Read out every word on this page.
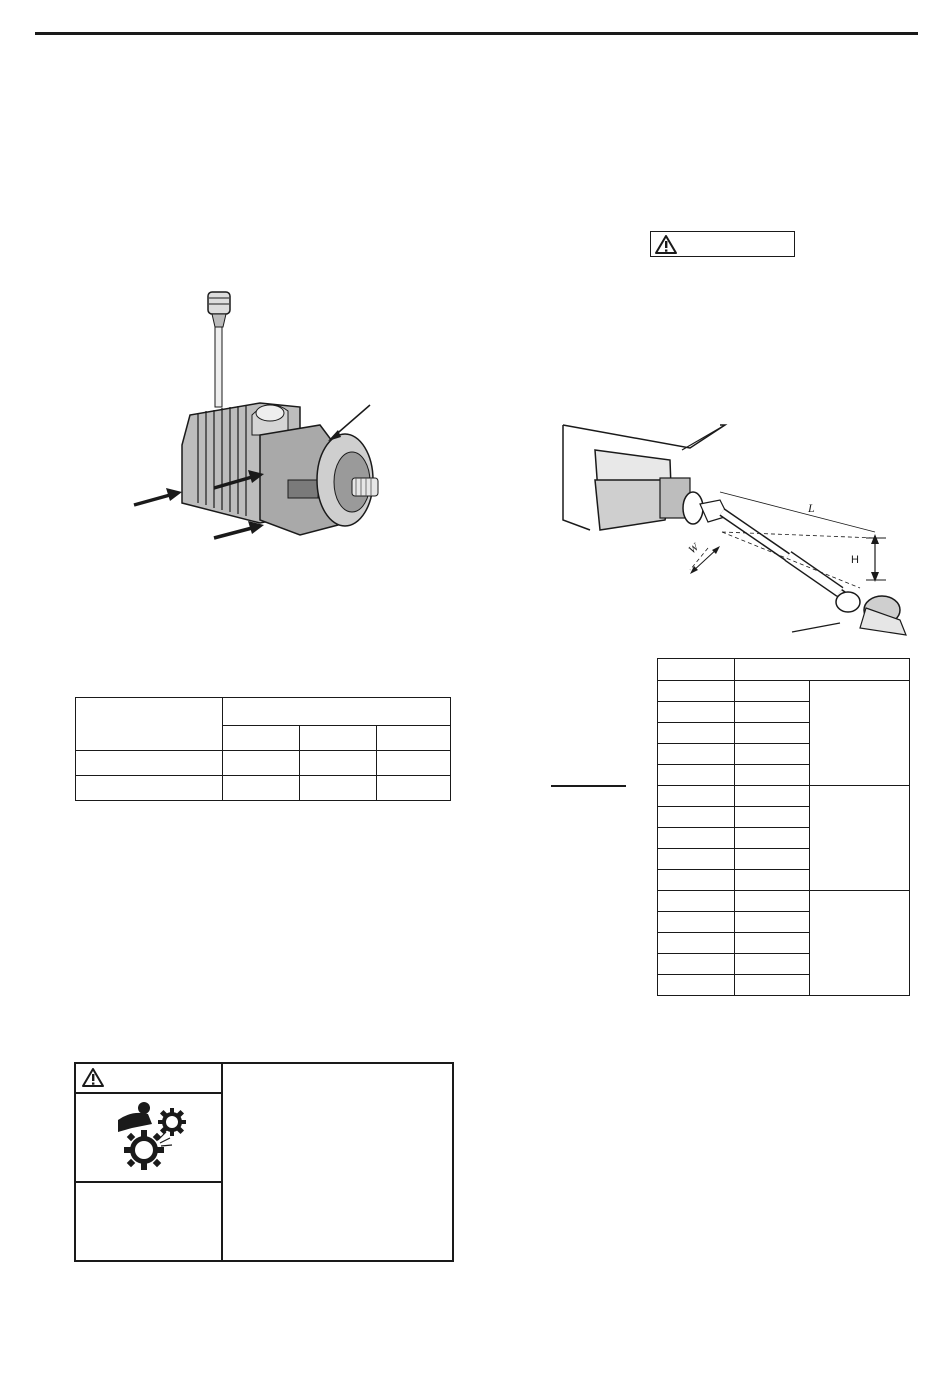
L
H
W
